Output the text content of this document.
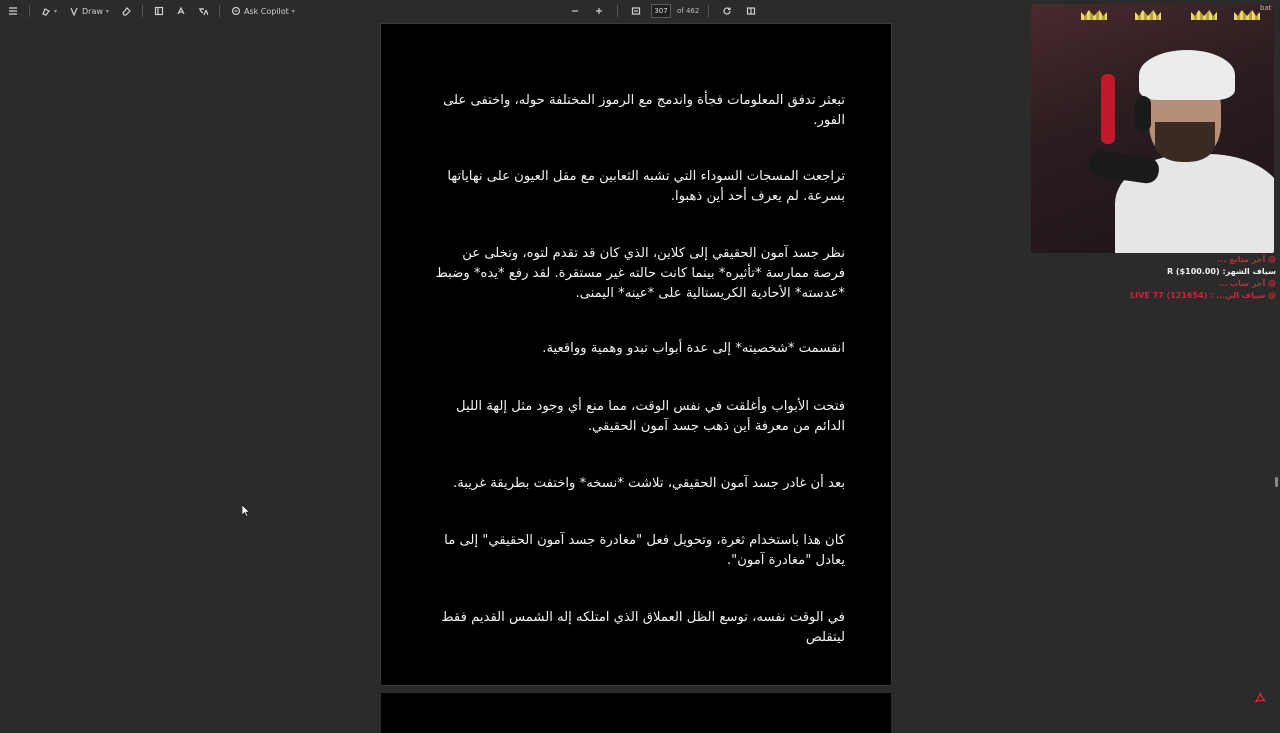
▾	Draw ▾	Ask Copilot ▾
307	of 462
تبعثر تدفق المعلومات فجأة واندمج مع الرموز المختلفة حوله، واختفى على الفور.
تراجعت المسجات السوداء التي تشبه الثعابين مع مقل العيون على نهاياتها بسرعة. لم يعرف أحد أين ذهبوا.
نظر جسد آمون الحقيقي إلى كلاين، الذي كان قد تقدم لتوه، وتخلى عن فرصة ممارسة *تأثيره* بينما كانت حالته غير مستقرة. لقد رفع *يده* وضبط *عدسته* الأحادية الكريستالية على *عينه* اليمنى.
انقسمت *شخصيته* إلى عدة أبواب تبدو وهمية وواقعية.
فتحت الأبواب وأغلقت في نفس الوقت، مما منع أي وجود مثل إلهة الليل الدائم من معرفة أين ذهب جسد آمون الحقيقي.
بعد أن غادر جسد آمون الحقيقي، تلاشت *نسخه* واختفت بطريقة غريبة.
كان هذا باستخدام ثغرة، وتحويل فعل "مغادرة جسد آمون الحقيقي" إلى ما يعادل "مغادرة آمون".
في الوقت نفسه، توسع الظل العملاق الذي امتلكه إله الشمس القديم فقط ليتقلص
bat
@ آخر متابع ...
سياف الشهر: (R ($100.00
@ آخر ساب ...
@ سياف الي... : (121654) 77 LIVE
